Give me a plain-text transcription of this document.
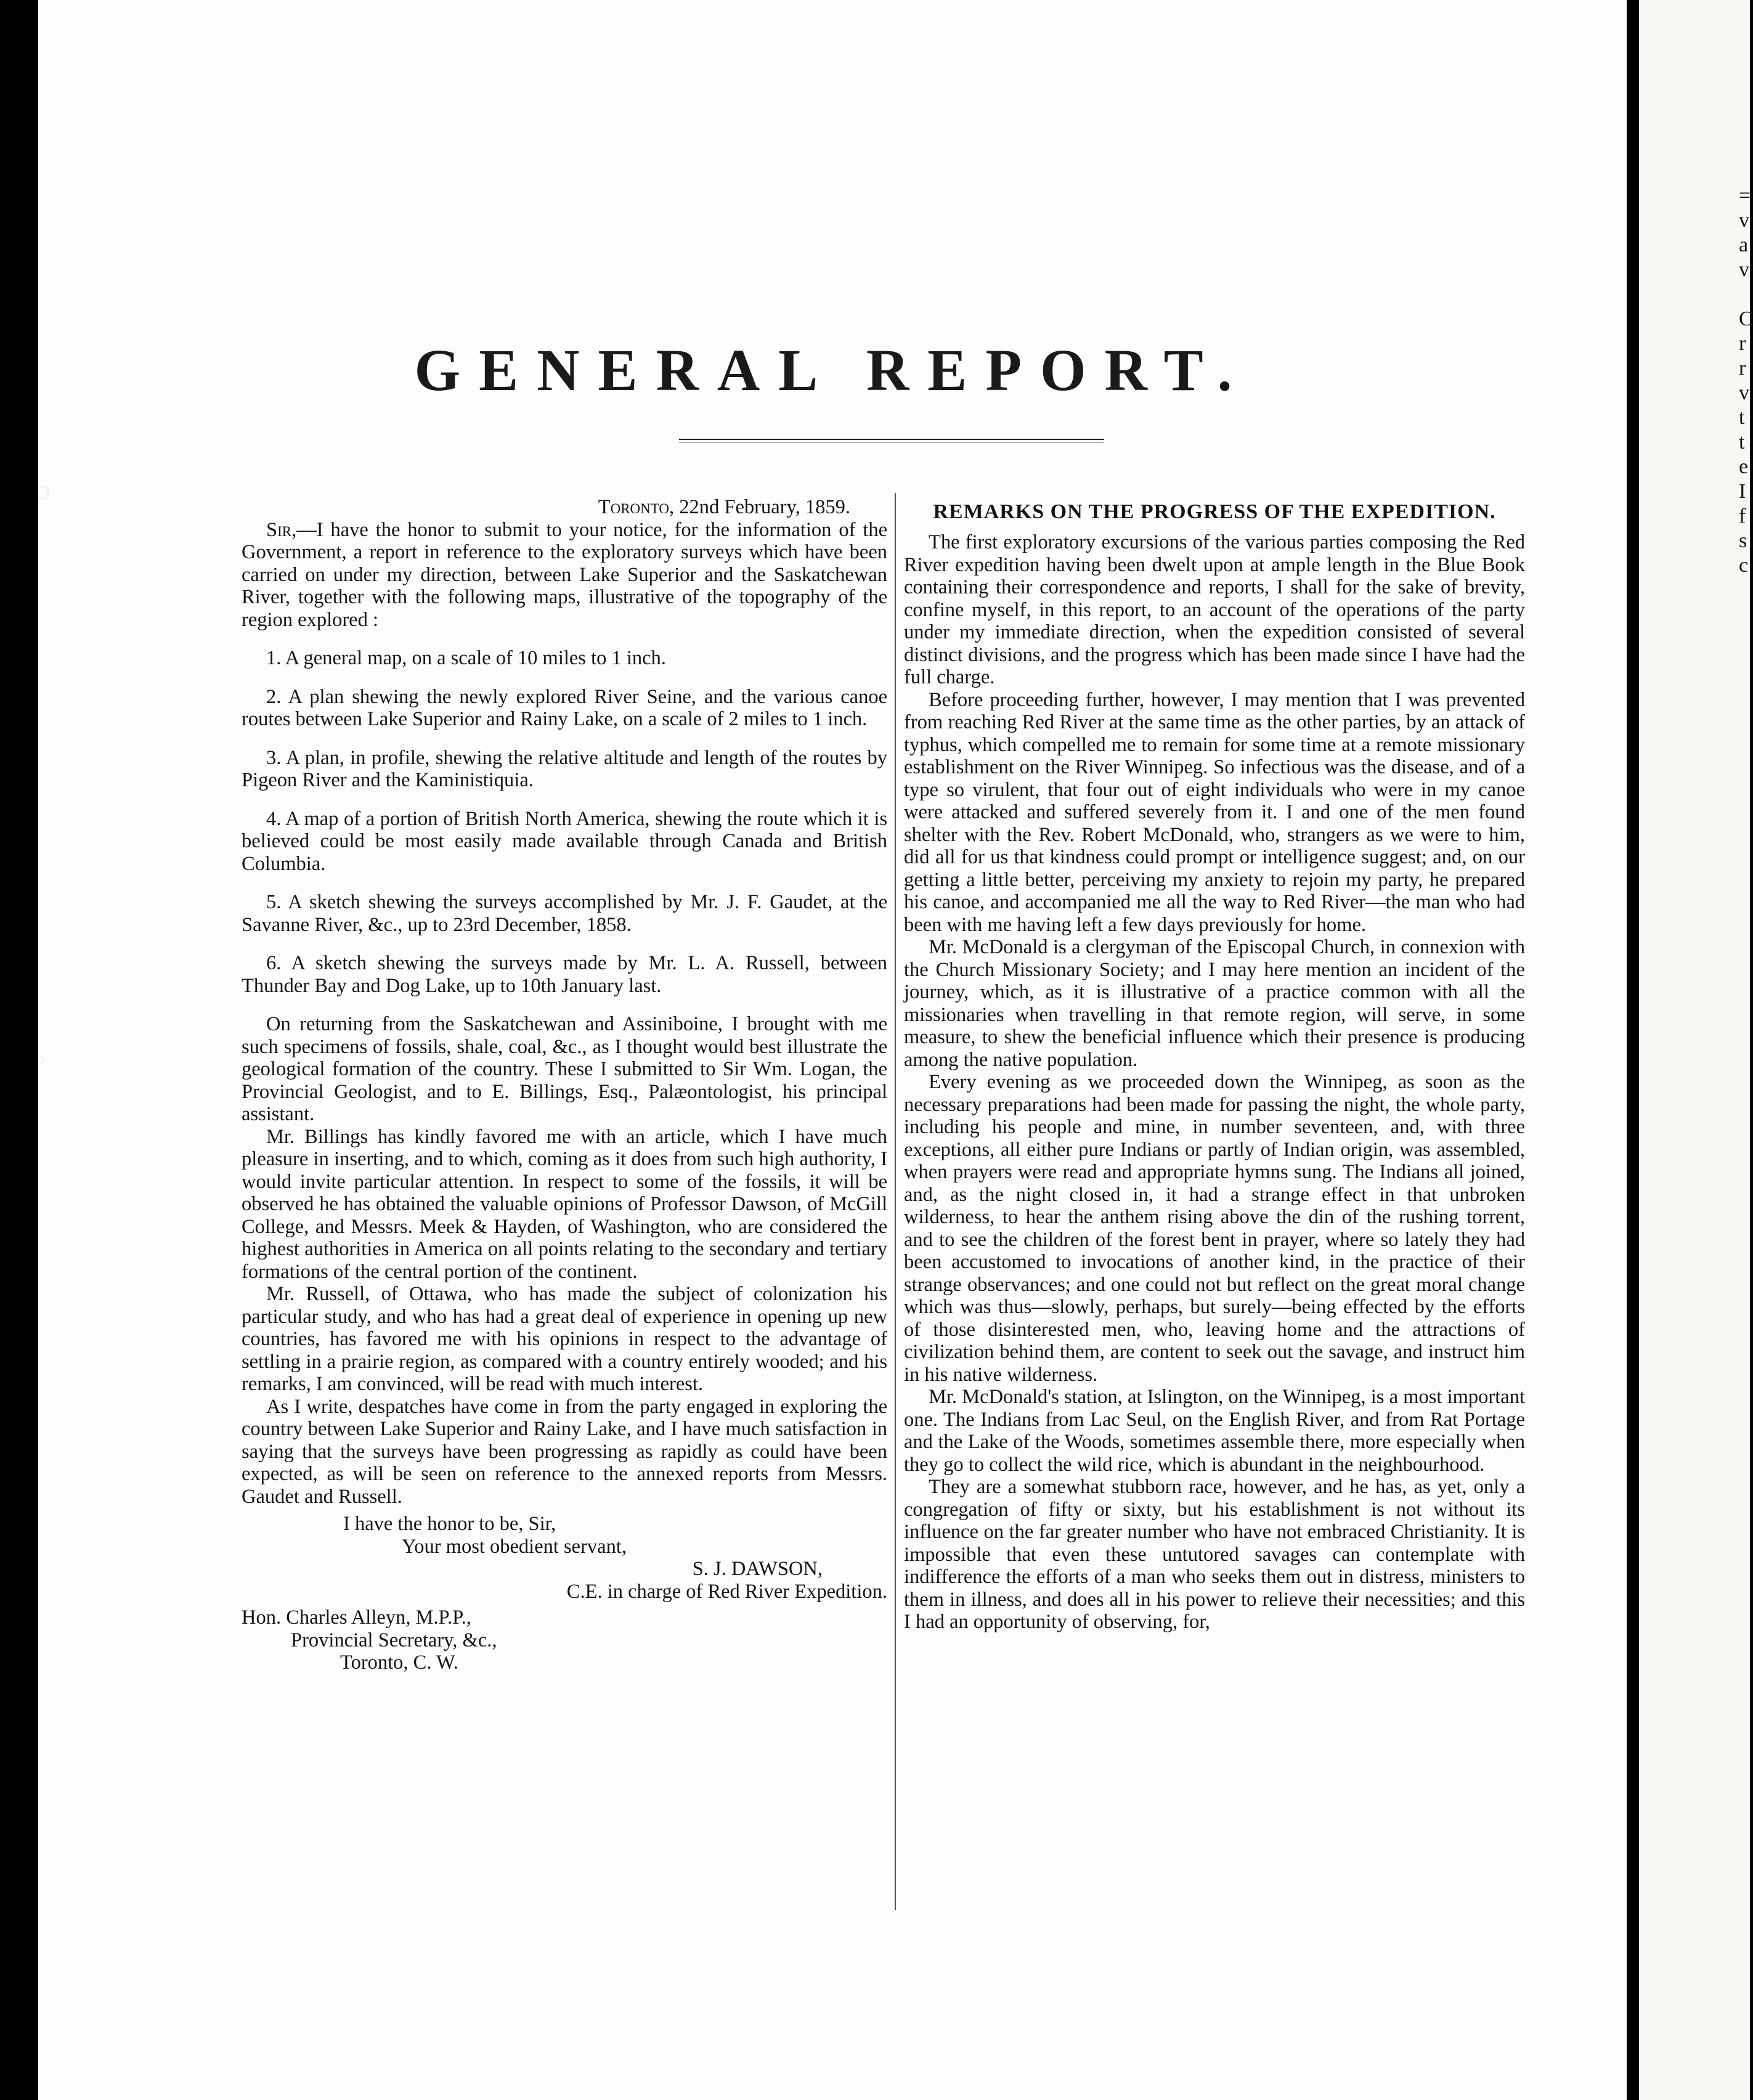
ɔ
›
GENERAL REPORT.

Toronto, 22nd February, 1859.

Sir,—I have the honor to submit to your notice, for the information of the Government, a report in reference to the exploratory surveys which have been carried on under my direction, between Lake Superior and the Saskatchewan River, together with the following maps, illustrative of the topography of the region explored :

1. A general map, on a scale of 10 miles to 1 inch.

2. A plan shewing the newly explored River Seine, and the various canoe routes between Lake Superior and Rainy Lake, on a scale of 2 miles to 1 inch.

3. A plan, in profile, shewing the relative altitude and length of the routes by Pigeon River and the Kaministiquia.

4. A map of a portion of British North America, shewing the route which it is believed could be most easily made available through Canada and British Columbia.

5. A sketch shewing the surveys accomplished by Mr. J. F. Gaudet, at the Savanne River, &c., up to 23rd December, 1858.

6. A sketch shewing the surveys made by Mr. L. A. Russell, between Thunder Bay and Dog Lake, up to 10th January last.

On returning from the Saskatchewan and Assiniboine, I brought with me such specimens of fossils, shale, coal, &c., as I thought would best illustrate the geological formation of the country. These I submitted to Sir Wm. Logan, the Provincial Geologist, and to E. Billings, Esq., Palæontologist, his principal assistant.

Mr. Billings has kindly favored me with an article, which I have much pleasure in inserting, and to which, coming as it does from such high authority, I would invite particular attention. In respect to some of the fossils, it will be observed he has obtained the valuable opinions of Professor Dawson, of McGill College, and Messrs. Meek & Hayden, of Washington, who are considered the highest authorities in America on all points relating to the secondary and tertiary formations of the central portion of the continent.

Mr. Russell, of Ottawa, who has made the subject of colonization his particular study, and who has had a great deal of experience in opening up new countries, has favored me with his opinions in respect to the advantage of settling in a prairie region, as compared with a country entirely wooded; and his remarks, I am convinced, will be read with much interest.

As I write, despatches have come in from the party engaged in exploring the country between Lake Superior and Rainy Lake, and I have much satisfaction in saying that the surveys have been progressing as rapidly as could have been expected, as will be seen on reference to the annexed reports from Messrs. Gaudet and Russell.

I have the honor to be, Sir,

Your most obedient servant,

S. J. DAWSON,

C.E. in charge of Red River Expedition.

Hon. Charles Alleyn, M.P.P.,

Provincial Secretary, &c.,

Toronto, C. W.

REMARKS ON THE PROGRESS OF THE EXPEDITION.

The first exploratory excursions of the various parties composing the Red River expedition having been dwelt upon at ample length in the Blue Book containing their correspondence and reports, I shall for the sake of brevity, confine myself, in this report, to an account of the operations of the party under my immediate direction, when the expedition consisted of several distinct divisions, and the progress which has been made since I have had the full charge.

Before proceeding further, however, I may mention that I was prevented from reaching Red River at the same time as the other parties, by an attack of typhus, which compelled me to remain for some time at a remote missionary establishment on the River Winnipeg. So infectious was the disease, and of a type so virulent, that four out of eight individuals who were in my canoe were attacked and suffered severely from it. I and one of the men found shelter with the Rev. Robert McDonald, who, strangers as we were to him, did all for us that kindness could prompt or intelligence suggest; and, on our getting a little better, perceiving my anxiety to rejoin my party, he prepared his canoe, and accompanied me all the way to Red River—the man who had been with me having left a few days previously for home.

Mr. McDonald is a clergyman of the Episcopal Church, in connexion with the Church Missionary Society; and I may here mention an incident of the journey, which, as it is illustrative of a practice common with all the missionaries when travelling in that remote region, will serve, in some measure, to shew the beneficial influence which their presence is producing among the native population.

Every evening as we proceeded down the Winnipeg, as soon as the necessary preparations had been made for passing the night, the whole party, including his people and mine, in number seventeen, and, with three exceptions, all either pure Indians or partly of Indian origin, was assembled, when prayers were read and appropriate hymns sung. The Indians all joined, and, as the night closed in, it had a strange effect in that unbroken wilderness, to hear the anthem rising above the din of the rushing torrent, and to see the children of the forest bent in prayer, where so lately they had been accustomed to invocations of another kind, in the practice of their strange observances; and one could not but reflect on the great moral change which was thus—slowly, perhaps, but surely—being effected by the efforts of those disinterested men, who, leaving home and the attractions of civilization behind them, are content to seek out the savage, and instruct him in his native wilderness.

Mr. McDonald's station, at Islington, on the Winnipeg, is a most important one. The Indians from Lac Seul, on the English River, and from Rat Portage and the Lake of the Woods, sometimes assemble there, more especially when they go to collect the wild rice, which is abundant in the neighbourhood.

They are a somewhat stubborn race, however, and he has, as yet, only a congregation of fifty or sixty, but his establishment is not without its influence on the far greater number who have not embraced Christianity. It is impossible that even these untutored savages can contemplate with indifference the efforts of a man who seeks them out in distress, ministers to them in illness, and does all in his power to relieve their necessities; and this I had an opportunity of observing, for,

=
v
a
v
C
r
r
v
t
t
e
I
f
s
c
